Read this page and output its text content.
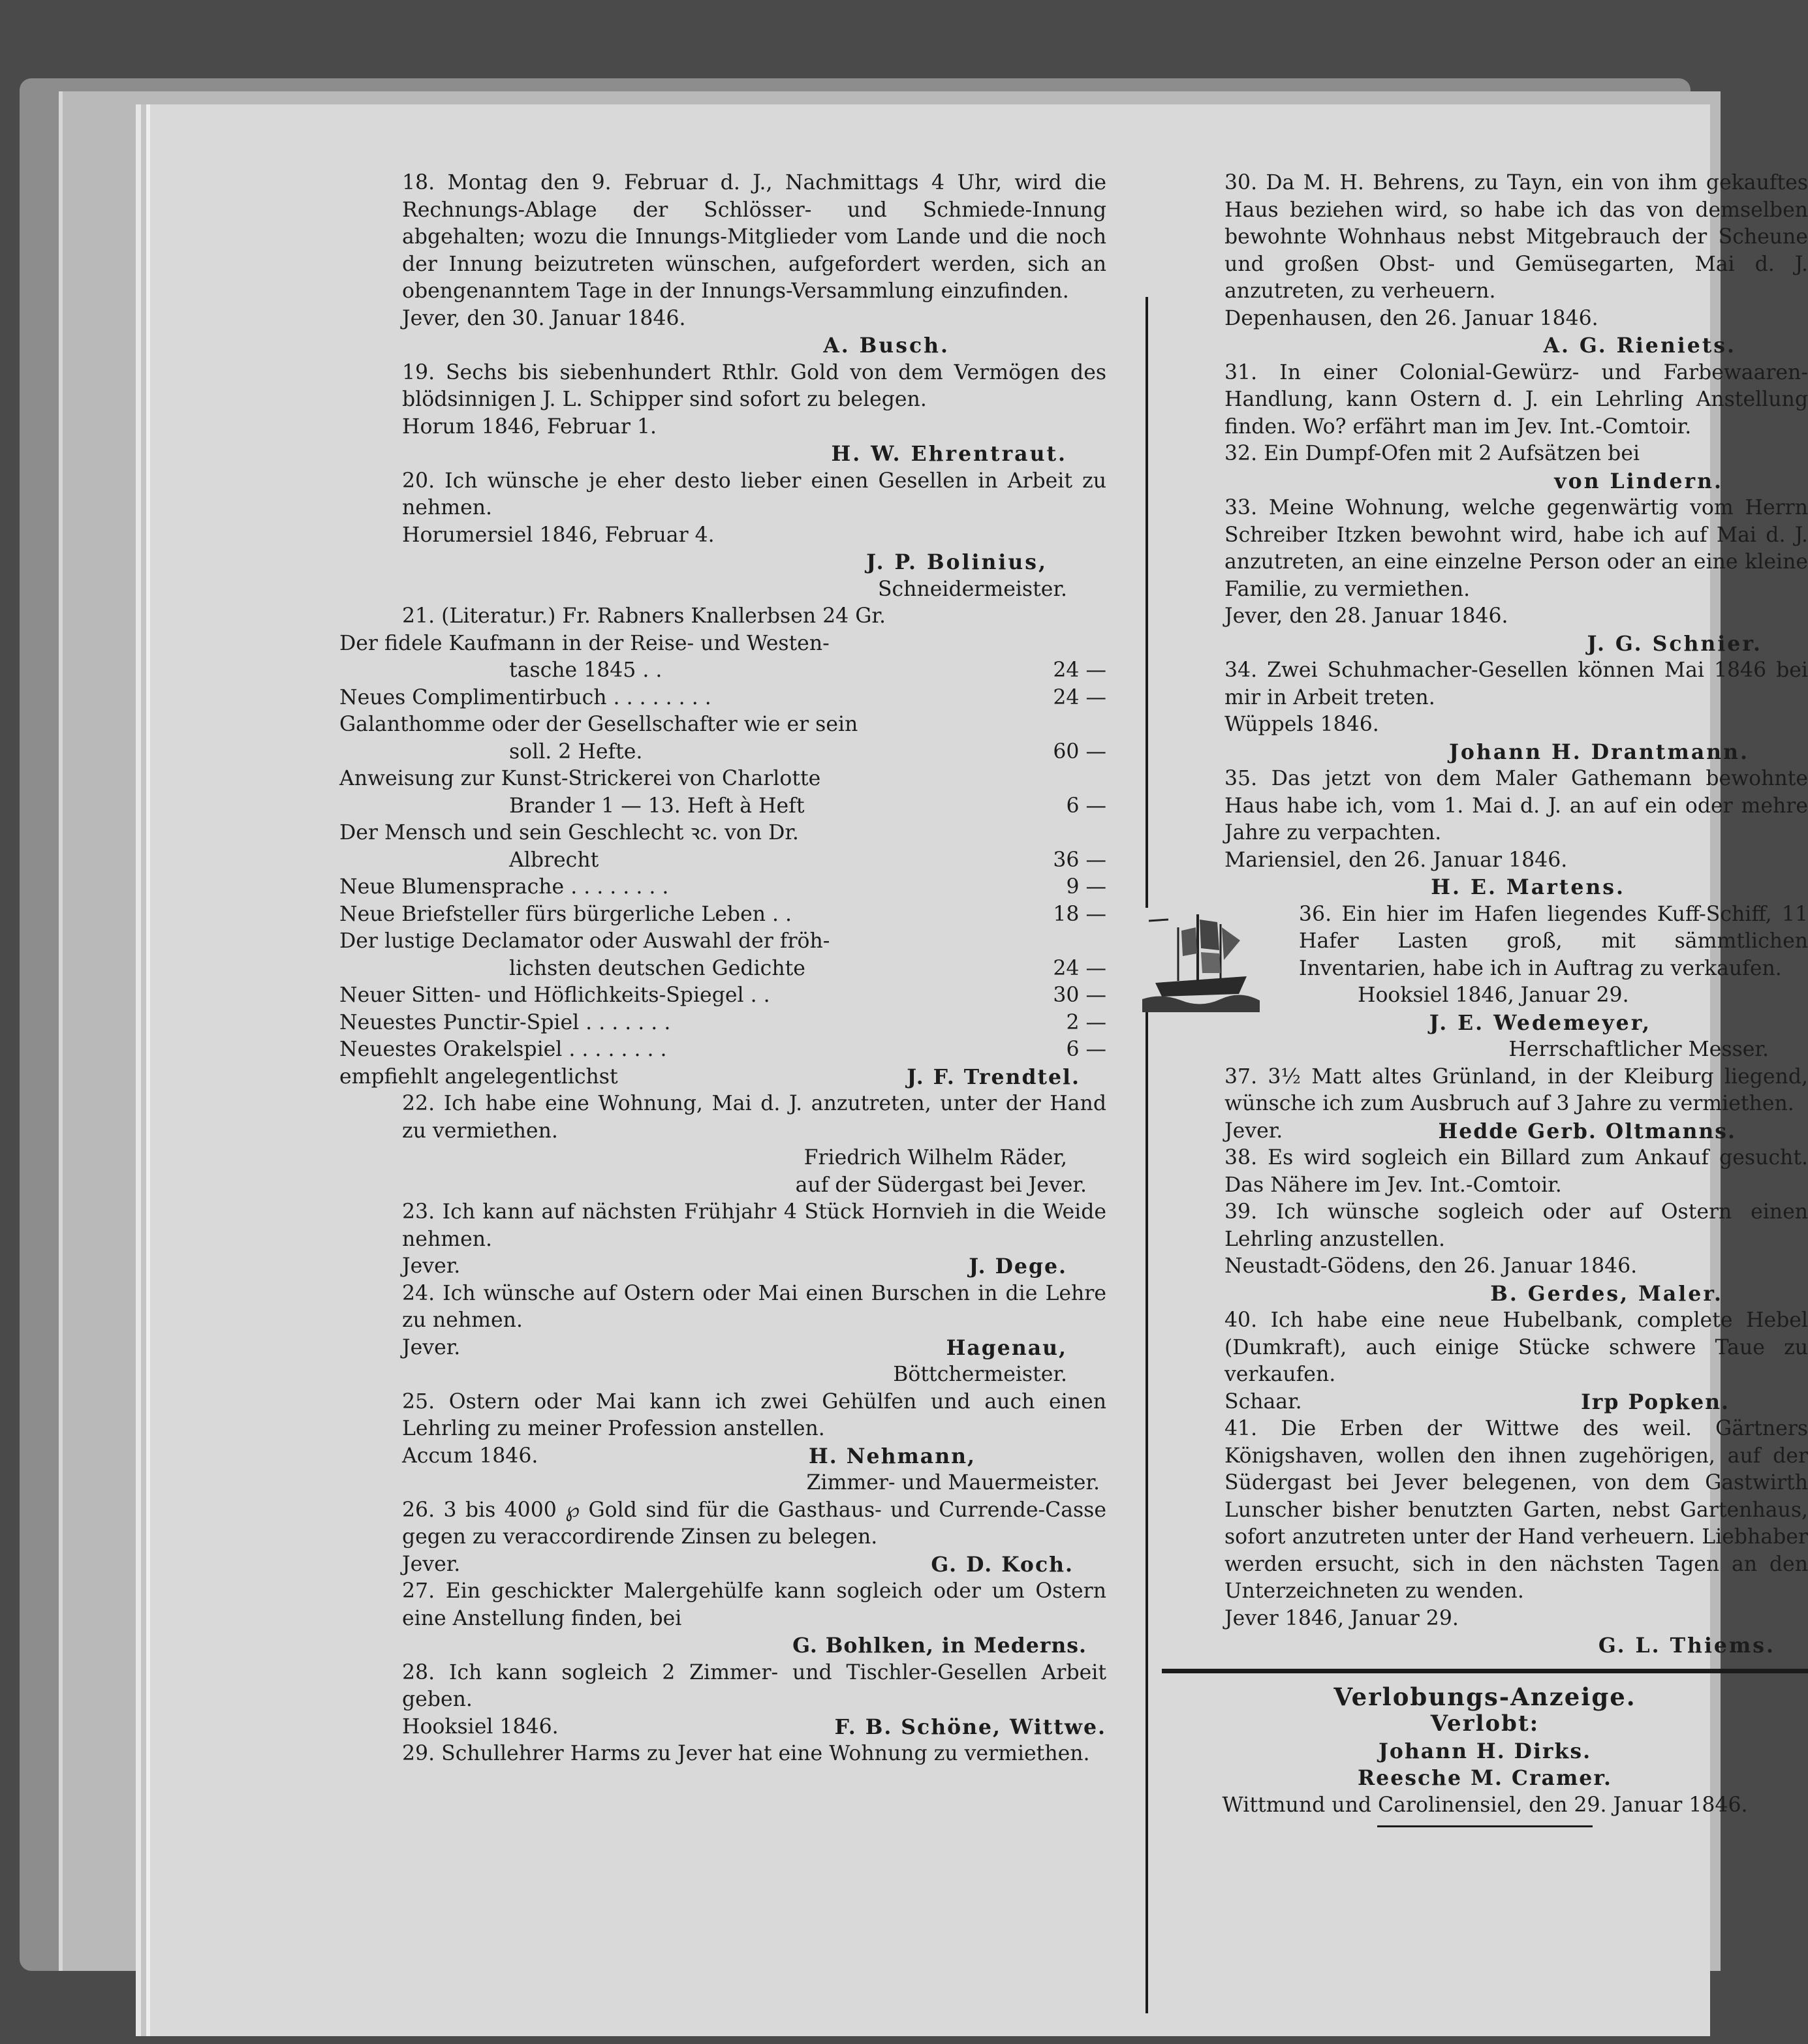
18. Montag den 9. Februar d. J., Nachmittags 4 Uhr, wird die Rechnungs-Ablage der Schlösser- und Schmiede-Innung abgehalten; wozu die Innungs-Mitglieder vom Lande und die noch der Innung beizutreten wünschen, aufgefordert werden, sich an obengenanntem Tage in der Innungs-Versammlung einzufinden.
Jever, den 30. Januar 1846.
A. Busch.
19. Sechs bis siebenhundert Rthlr. Gold von dem Vermögen des blödsinnigen J. L. Schipper sind sofort zu belegen.
Horum 1846, Februar 1.
H. W. Ehrentraut.
20. Ich wünsche je eher desto lieber einen Gesellen in Arbeit zu nehmen.
Horumersiel 1846, Februar 4.
J. P. Bolinius,
Schneidermeister.
21. (Literatur.) Fr. Rabners Knallerbsen 24 Gr.
Der fidele Kaufmann in der Reise- und Westen-
tasche 1845 . .	24 —
Neues Complimentirbuch . . . . . . . .	24 —
Galanthomme oder der Gesellschafter wie er sein
soll. 2 Hefte.	60 —
Anweisung zur Kunst-Strickerei von Charlotte
Brander 1 — 13. Heft à Heft	6 —
Der Mensch und sein Geschlecht ꝛc. von Dr.
Albrecht	36 —
Neue Blumensprache . . . . . . . .	9 —
Neue Briefsteller fürs bürgerliche Leben . .	18 —
Der lustige Declamator oder Auswahl der fröh-
lichsten deutschen Gedichte	24 —
Neuer Sitten- und Höflichkeits-Spiegel . .	30 —
Neuestes Punctir-Spiel . . . . . . .	2 —
Neuestes Orakelspiel . . . . . . . .	6 —
empfiehlt angelegentlichst	J. F. Trendtel.
22. Ich habe eine Wohnung, Mai d. J. anzutreten, unter der Hand zu vermiethen.
Friedrich Wilhelm Räder,
auf der Südergast bei Jever.
23. Ich kann auf nächsten Frühjahr 4 Stück Hornvieh in die Weide nehmen.
Jever.	J. Dege.
24. Ich wünsche auf Ostern oder Mai einen Burschen in die Lehre zu nehmen.
Jever.	Hagenau,
Böttchermeister.
25. Ostern oder Mai kann ich zwei Gehülfen und auch einen Lehrling zu meiner Profession anstellen.
Accum 1846.	H. Nehmann,
Zimmer- und Mauermeister.
26. 3 bis 4000 ℘ Gold sind für die Gasthaus- und Currende-Casse gegen zu veraccordirende Zinsen zu belegen.
Jever.	G. D. Koch.
27. Ein geschickter Malergehülfe kann sogleich oder um Ostern eine Anstellung finden, bei
G. Bohlken, in Mederns.
28. Ich kann sogleich 2 Zimmer- und Tischler-Gesellen Arbeit geben.
Hooksiel 1846.	F. B. Schöne, Wittwe.
29. Schullehrer Harms zu Jever hat eine Wohnung zu vermiethen.
30. Da M. H. Behrens, zu Tayn, ein von ihm gekauftes Haus beziehen wird, so habe ich das von demselben bewohnte Wohnhaus nebst Mitgebrauch der Scheune und großen Obst- und Gemüsegarten, Mai d. J. anzutreten, zu verheuern.
Depenhausen, den 26. Januar 1846.
A. G. Rieniets.
31. In einer Colonial-Gewürz- und Farbewaaren-Handlung, kann Ostern d. J. ein Lehrling Anstellung finden. Wo? erfährt man im Jev. Int.-Comtoir.
32. Ein Dumpf-Ofen mit 2 Aufsätzen bei
von Lindern.
33. Meine Wohnung, welche gegenwärtig vom Herrn Schreiber Itzken bewohnt wird, habe ich auf Mai d. J. anzutreten, an eine einzelne Person oder an eine kleine Familie, zu vermiethen.
Jever, den 28. Januar 1846.
J. G. Schnier.
34. Zwei Schuhmacher-Gesellen können Mai 1846 bei mir in Arbeit treten.
Wüppels 1846.
Johann H. Drantmann.
35. Das jetzt von dem Maler Gathemann bewohnte Haus habe ich, vom 1. Mai d. J. an auf ein oder mehre Jahre zu verpachten.
Mariensiel, den 26. Januar 1846.
H. E. Martens.
36. Ein hier im Hafen liegendes Kuff-Schiff, 11 Hafer Lasten groß, mit sämmtlichen Inventarien, habe ich in Auftrag zu verkaufen.
Hooksiel 1846, Januar 29.
J. E. Wedemeyer,
Herrschaftlicher Messer.
37. 3½ Matt altes Grünland, in der Kleiburg liegend, wünsche ich zum Ausbruch auf 3 Jahre zu vermiethen.
Jever.	Hedde Gerb. Oltmanns.
38. Es wird sogleich ein Billard zum Ankauf gesucht. Das Nähere im Jev. Int.-Comtoir.
39. Ich wünsche sogleich oder auf Ostern einen Lehrling anzustellen.
Neustadt-Gödens, den 26. Januar 1846.
B. Gerdes, Maler.
40. Ich habe eine neue Hubelbank, complete Hebel (Dumkraft), auch einige Stücke schwere Taue zu verkaufen.
Schaar.	Irp Popken.
41. Die Erben der Wittwe des weil. Gärtners Königshaven, wollen den ihnen zugehörigen, auf der Südergast bei Jever belegenen, von dem Gastwirth Lunscher bisher benutzten Garten, nebst Gartenhaus, sofort anzutreten unter der Hand verheuern. Liebhaber werden ersucht, sich in den nächsten Tagen an den Unterzeichneten zu wenden.
Jever 1846, Januar 29.
G. L. Thiems.
Verlobungs-Anzeige.
Verlobt:
Johann H. Dirks.
Reesche M. Cramer.
Wittmund und Carolinensiel, den 29. Januar 1846.
